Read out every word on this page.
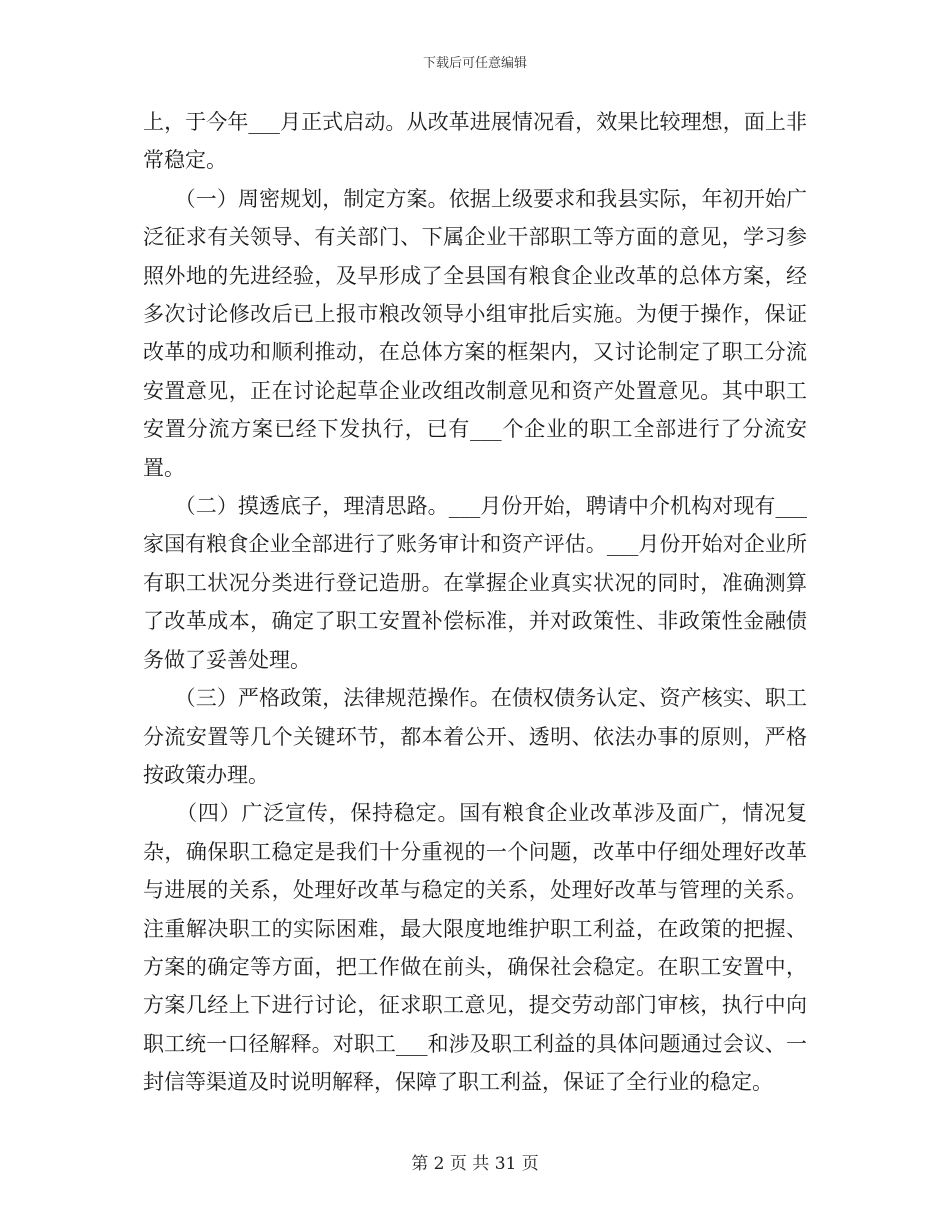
下载后可任意编辑

上，于今年___月正式启动。从改革进展情况看，效果比较理想，面上非常稳定。

　　（一）周密规划，制定方案。依据上级要求和我县实际，年初开始广泛征求有关领导、有关部门、下属企业干部职工等方面的意见，学习参照外地的先进经验，及早形成了全县国有粮食企业改革的总体方案，经多次讨论修改后已上报市粮改领导小组审批后实施。为便于操作，保证改革的成功和顺利推动，在总体方案的框架内，又讨论制定了职工分流安置意见，正在讨论起草企业改组改制意见和资产处置意见。其中职工安置分流方案已经下发执行，已有___个企业的职工全部进行了分流安置。

　　（二）摸透底子，理清思路。___月份开始，聘请中介机构对现有___家国有粮食企业全部进行了账务审计和资产评估。___月份开始对企业所有职工状况分类进行登记造册。在掌握企业真实状况的同时，准确测算了改革成本，确定了职工安置补偿标准，并对政策性、非政策性金融债务做了妥善处理。

　　（三）严格政策，法律规范操作。在债权债务认定、资产核实、职工分流安置等几个关键环节，都本着公开、透明、依法办事的原则，严格按政策办理。

　　（四）广泛宣传，保持稳定。国有粮食企业改革涉及面广，情况复杂，确保职工稳定是我们十分重视的一个问题，改革中仔细处理好改革与进展的关系，处理好改革与稳定的关系，处理好改革与管理的关系。注重解决职工的实际困难，最大限度地维护职工利益，在政策的把握、方案的确定等方面，把工作做在前头，确保社会稳定。在职工安置中，方案几经上下进行讨论，征求职工意见，提交劳动部门审核，执行中向职工统一口径解释。对职工___和涉及职工利益的具体问题通过会议、一封信等渠道及时说明解释，保障了职工利益，保证了全行业的稳定。

第 2 页 共 31 页
